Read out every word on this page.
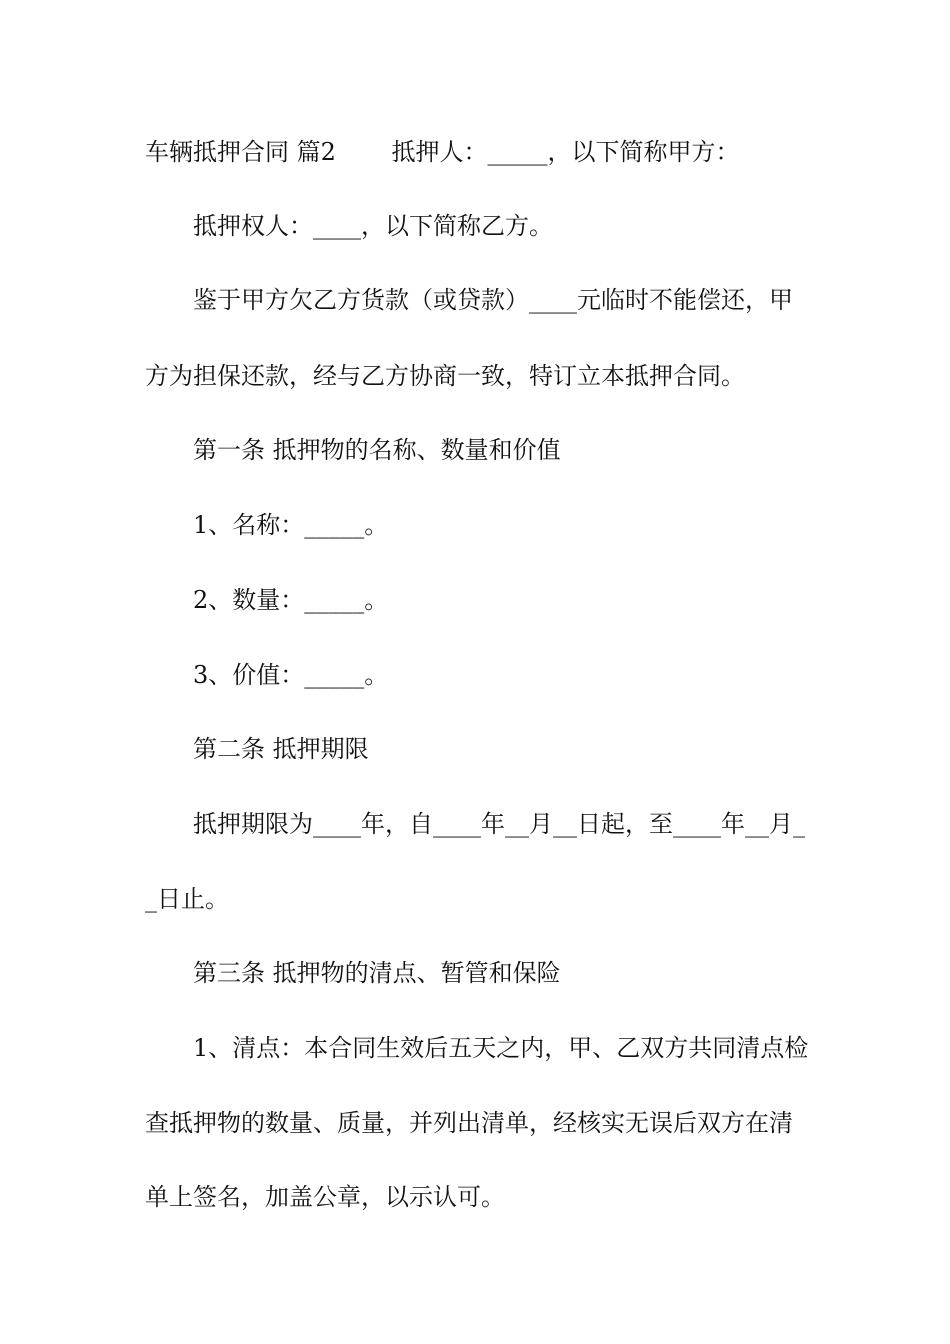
车辆抵押合同 篇2　　 抵押人：_____，以下简称甲方：
抵押权人：____，以下简称乙方。
鉴于甲方欠乙方货款（或贷款）____元临时不能偿还，甲
方为担保还款，经与乙方协商一致，特订立本抵押合同。
第一条 抵押物的名称、数量和价值
1、名称：_____。
2、数量：_____。
3、价值：_____。
第二条 抵押期限
抵押期限为____年，自____年__月__日起，至____年__月_
_日止。
第三条 抵押物的清点、暂管和保险
1、清点：本合同生效后五天之内，甲、乙双方共同清点检
查抵押物的数量、质量，并列出清单，经核实无误后双方在清
单上签名，加盖公章，以示认可。
